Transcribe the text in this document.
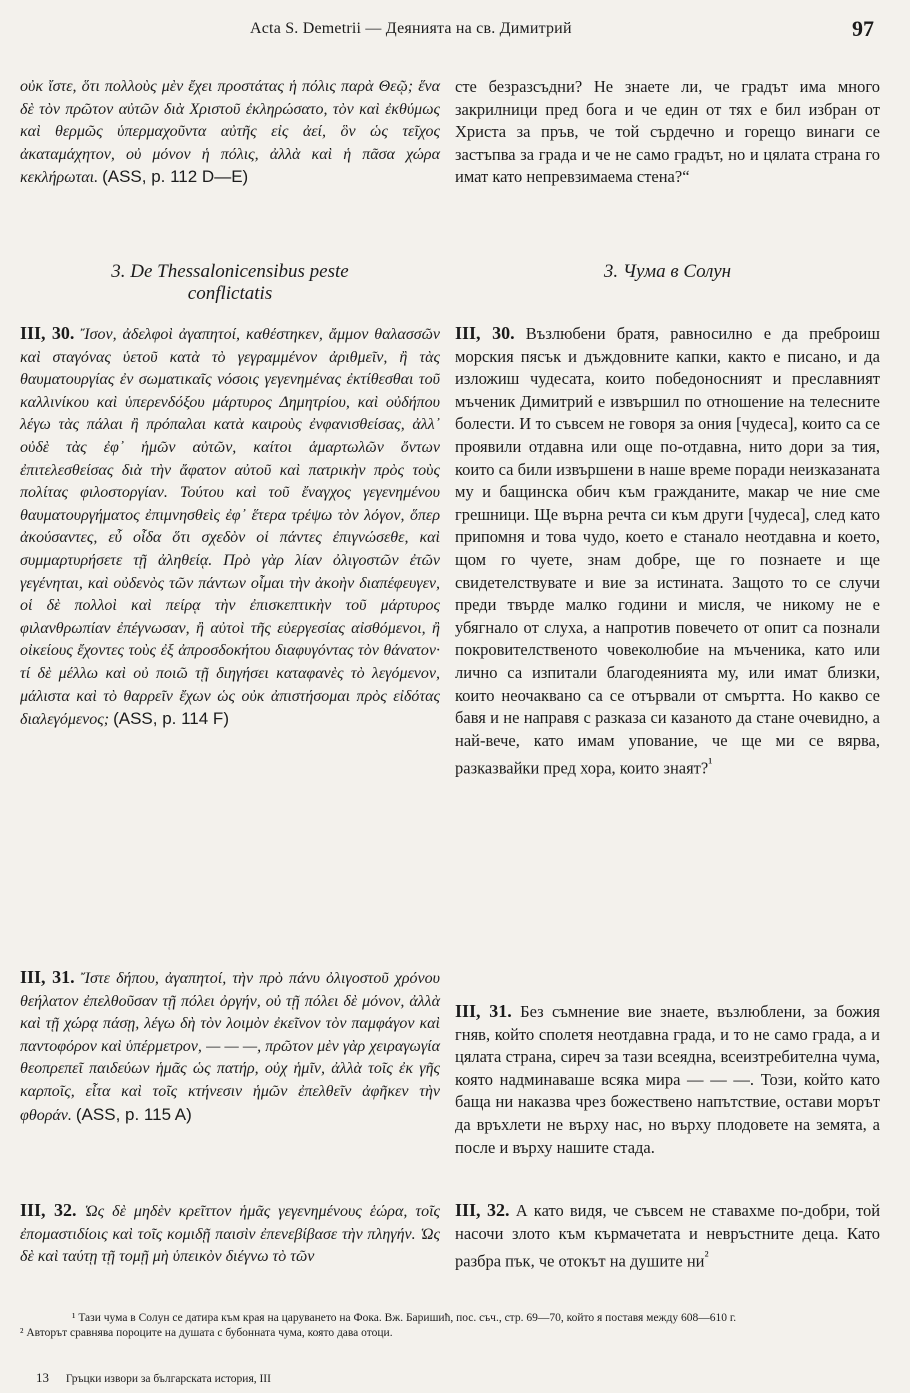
Acta S. Demetrii — Деянията на св. Димитрий	97

οὐκ ἴστε, ὅτι πολλοὺς μὲν ἔχει προστάτας ἡ πόλις παρὰ Θεῷ; ἕνα δὲ τὸν πρῶτον αὐτῶν διὰ Χριστοῦ ἐκληρώσατο, τὸν καὶ ἐκθύμως καὶ θερμῶς ὑπερμαχοῦντα αὐτῆς εἰς ἀεί, ὃν ὡς τεῖχος ἀκαταμάχητον, οὐ μόνον ἡ πόλις, ἀλλὰ καὶ ἡ πᾶσα χώρα κεκλήρωται. (ASS, p. 112 D—E)

3. De Thessalonicensibus peste
conflictatis

III, 30. Ἴσον, ἀδελφοὶ ἀγαπητοί, καθέστηκεν, ἄμμον θαλασσῶν καὶ σταγόνας ὑετοῦ κατὰ τὸ γεγραμμένον ἀριθμεῖν, ἢ τὰς θαυματουργίας ἐν σωματικαῖς νόσοις γεγενημένας ἐκτίθεσθαι τοῦ καλλινίκου καὶ ὑπερενδόξου μάρτυρος Δημητρίου, καὶ οὐδήπου λέγω τὰς πάλαι ἢ πρόπαλαι κατὰ καιροὺς ἐνφανισθείσας, ἀλλ᾽ οὐδὲ τὰς ἐφ᾽ ἡμῶν αὐτῶν, καίτοι ἁμαρτωλῶν ὄντων ἐπιτελεσθείσας διὰ τὴν ἄφατον αὐτοῦ καὶ πατρικὴν πρὸς τοὺς πολίτας φιλοστοργίαν. Τούτου καὶ τοῦ ἔναγχος γεγενημένου θαυματουργήματος ἐπιμνησθεὶς ἐφ᾽ ἕτερα τρέψω τὸν λόγον, ὅπερ ἀκούσαντες, εὖ οἶδα ὅτι σχεδὸν οἱ πάντες ἐπιγνώσεθε, καὶ συμμαρτυρήσετε τῇ ἀληθείᾳ. Πρὸ γὰρ λίαν ὀλιγοστῶν ἐτῶν γεγένηται, καὶ οὐδενὸς τῶν πάντων οἶμαι τὴν ἀκοὴν διαπέφευγεν, οἱ δὲ πολλοὶ καὶ πείρᾳ τὴν ἐπισκεπτικὴν τοῦ μάρτυρος φιλανθρωπίαν ἐπέγνωσαν, ἢ αὐτοὶ τῆς εὐεργεσίας αἰσθόμενοι, ἢ οἰκείους ἔχοντες τοὺς ἐξ ἀπροσδοκήτου διαφυγόντας τὸν θάνατον· τί δὲ μέλλω καὶ οὐ ποιῶ τῇ διηγήσει καταφανὲς τὸ λεγόμενον, μάλιστα καὶ τὸ θαρρεῖν ἔχων ὡς οὐκ ἀπιστήσομαι πρὸς εἰδότας διαλεγόμενος; (ASS, p. 114 F)

III, 31. Ἴστε δήπου, ἀγαπητοί, τὴν πρὸ πάνυ ὀλιγοστοῦ χρόνου θεήλατον ἐπελθοῦσαν τῇ πόλει ὀργήν, οὐ τῇ πόλει δὲ μόνον, ἀλλὰ καὶ τῇ χώρᾳ πάσῃ, λέγω δὴ τὸν λοιμὸν ἐκεῖνον τὸν παμφάγον καὶ παντοφόρον καὶ ὑπέρμετρον, — — —, πρῶτον μὲν γὰρ χειραγωγία θεοπρεπεῖ παιδεύων ἡμᾶς ὡς πατήρ, οὐχ ἡμῖν, ἀλλὰ τοῖς ἐκ γῆς καρποῖς, εἶτα καὶ τοῖς κτήνεσιν ἡμῶν ἐπελθεῖν ἀφῆκεν τὴν φθοράν. (ASS, p. 115 A)

III, 32. Ὡς δὲ μηδὲν κρεῖττον ἡμᾶς γεγενημένους ἑώρα, τοῖς ἐπομαστιδίοις καὶ τοῖς κομιδῇ παισὶν ἐπενεβίβασε τὴν πληγήν. Ὡς δὲ καὶ ταύτῃ τῇ τομῇ μὴ ὑπεικὸν διέγνω τὸ τῶν

сте безразсъдни? Не знаете ли, че градът има много закрилници пред бога и че един от тях е бил избран от Христа за пръв, че той сърдечно и горещо винаги се застъпва за града и че не само градът, но и цялата страна го имат като непревзимаема стена?“

3. Чума в Солун

III, 30. Възлюбени братя, равносилно е да преброиш морския пясък и дъждовните капки, както е писано, и да изложиш чудесата, които победоносният и преславният мъченик Димитрий е извършил по отношение на телесните болести. И то съвсем не говоря за ония [чудеса], които са се проявили отдавна или още по-отдавна, нито дори за тия, които са били извършени в наше време поради неизказаната му и бащинска обич към гражданите, макар че ние сме грешници. Ще върна речта си към други [чудеса], след като припомня и това чудо, което е станало неотдавна и което, щом го чуете, знам добре, ще го познаете и ще свидетелствувате и вие за истината. Защото то се случи преди твърде малко години и мисля, че никому не е убягнало от слуха, а напротив повечето от опит са познали покровителственото човеколюбие на мъченика, като или лично са изпитали благодеянията му, или имат близки, които неочаквано са се отървали от смъртта. Но какво се бавя и не направя с разказа си казаното да стане очевидно, а най-вече, като имам упование, че ще ми се вярва, разказвайки пред хора, които знаят?$^{^1}$

III, 31. Без съмнение вие знаете, възлюблени, за божия гняв, който сполетя неотдавна града, и то не само града, а и цялата страна, сиреч за тази всеядна, всеизтребителна чума, която надминаваше всяка мира — — —. Този, който като баща ни наказва чрез божествено напътствие, остави морът да връхлети не върху нас, но върху плодовете на земята, а после и върху нашите стада.

III, 32. А като видя, че съвсем не ставахме по-добри, той насочи злото към кърмачетата и невръстните деца. Като разбра пък, че отокът на душите $ни^{^2}$

¹ Тази чума в Солун се датира към края на царуването на Фока. Вж. Баришић, пос. съч., стр. 69—70, който я поставя между 608—610 г.

² Авторът сравнява пороците на душата с бубонната чума, която дава отоци.

13 Гръцки извори за българската история, III
